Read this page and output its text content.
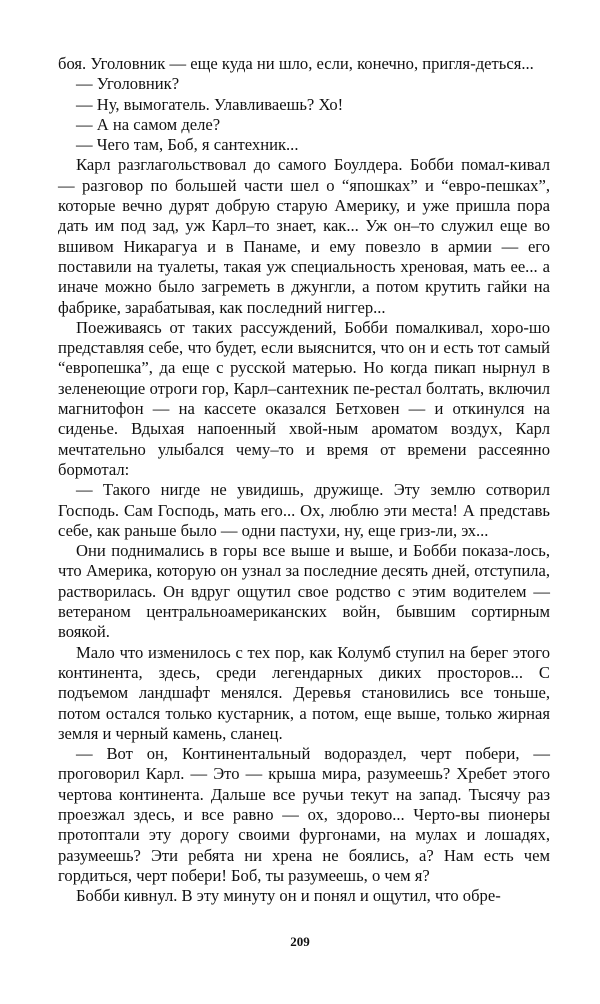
боя. Уголовник — еще куда ни шло, если, конечно, пригля-деться...

— Уголовник?

— Ну, вымогатель. Улавливаешь? Хо!

— А на самом деле?

— Чего там, Боб, я сантехник...

Карл разглагольствовал до самого Боулдера. Бобби помал-кивал — разговор по большей части шел о “япошках” и “евро-пешках”, которые вечно дурят добрую старую Америку, и уже пришла пора дать им под зад, уж Карл–то знает, как... Уж он–то служил еще во вшивом Никарагуа и в Панаме, и ему повезло в армии — его поставили на туалеты, такая уж специальность хреновая, мать ее... а иначе можно было загреметь в джунгли, а потом крутить гайки на фабрике, зарабатывая, как последний ниггер...

Поеживаясь от таких рассуждений, Бобби помалкивал, хоро-шо представляя себе, что будет, если выяснится, что он и есть тот самый “европешка”, да еще с русской матерью. Но когда пикап нырнул в зеленеющие отроги гор, Карл–сантехник пе-рестал болтать, включил магнитофон — на кассете оказался Бетховен — и откинулся на сиденье. Вдыхая напоенный хвой-ным ароматом воздух, Карл мечтательно улыбался чему–то и время от времени рассеянно бормотал:

— Такого нигде не увидишь, дружище. Эту землю сотворил Господь. Сам Господь, мать его... Ох, люблю эти места! А представь себе, как раньше было — одни пастухи, ну, еще гриз-ли, эх...

Они поднимались в горы все выше и выше, и Бобби показа-лось, что Америка, которую он узнал за последние десять дней, отступила, растворилась. Он вдруг ощутил свое родство с этим водителем — ветераном центральноамериканских войн, бывшим сортирным воякой.

Мало что изменилось с тех пор, как Колумб ступил на берег этого континента, здесь, среди легендарных диких просторов... С подъемом ландшафт менялся. Деревья становились все тоньше, потом остался только кустарник, а потом, еще выше, только жирная земля и черный камень, сланец.

— Вот он, Континентальный водораздел, черт побери, — проговорил Карл. — Это — крыша мира, разумеешь? Хребет этого чертова континента. Дальше все ручьи текут на запад. Тысячу раз проезжал здесь, и все равно — ох, здорово... Черто-вы пионеры протоптали эту дорогу своими фургонами, на мулах и лошадях, разумеешь? Эти ребята ни хрена не боялись, а? Нам есть чем гордиться, черт побери! Боб, ты разумеешь, о чем я?

Бобби кивнул. В эту минуту он и понял и ощутил, что обре-

209
